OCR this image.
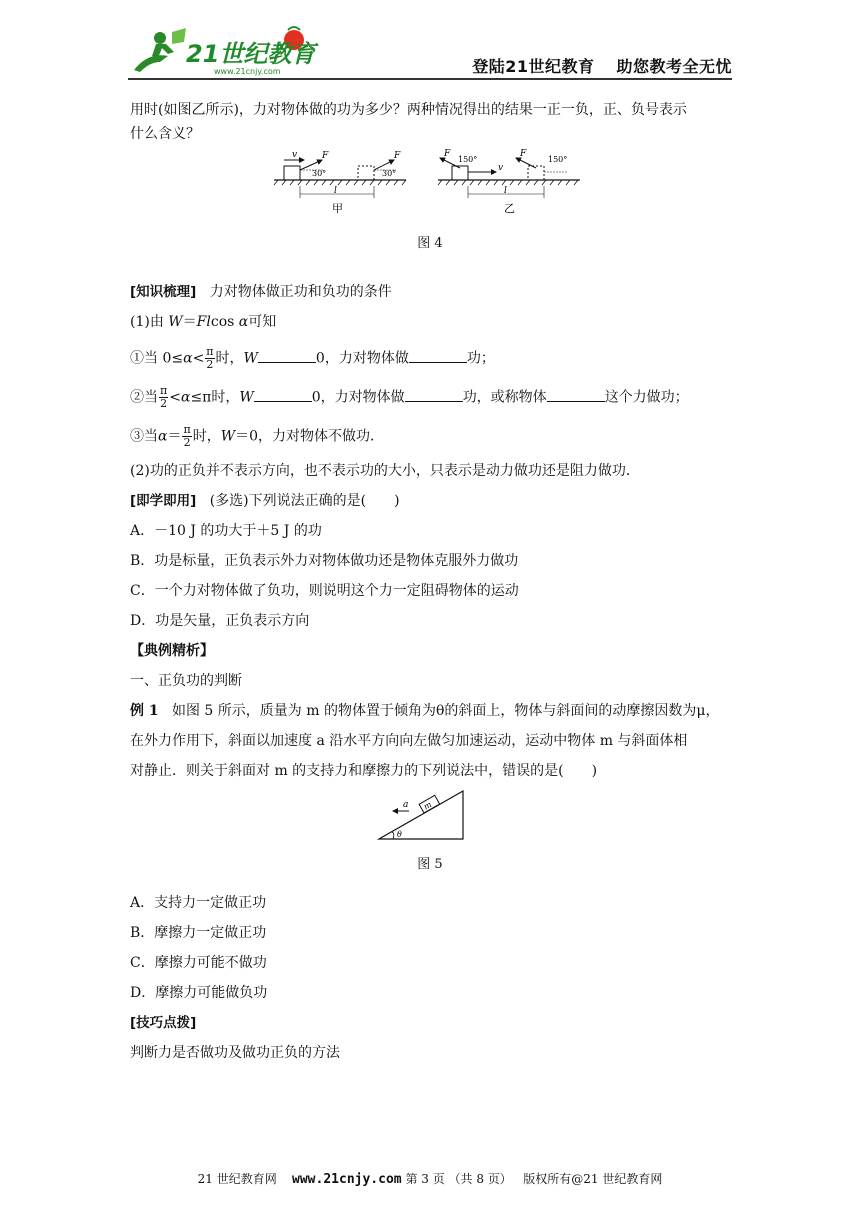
21世纪教育
www.21cnjy.com	登陆21世纪教育 助您教考全无忧

用时(如图乙所示)，力对物体做的功为多少？两种情况得出的结果一正一负，正、负号表示

什么含义？

v	F
30°
F
30°
l
甲
v
F
150°
F
150°
l
乙

图 4

[知识梳理] 力对物体做正功和负功的条件

(1)由 W＝Flcos α可知

①当 $0\le\alpha< \frac{\pi}{2}$ 时，W	0，力对物体做	功；

②当 $\frac{\pi}{2} <\alpha\le\pi$时，W	0，力对物体做	功，或称物体	这个力做功；

③当$\alpha= \frac{\pi}{2}$ 时，W＝0，力对物体不做功．

(2)功的正负并不表示方向，也不表示功的大小，只表示是动力做功还是阻力做功．

[即学即用] (多选)下列说法正确的是(　　)

A．－10 J 的功大于＋5 J 的功

B．功是标量，正负表示外力对物体做功还是物体克服外力做功

C．一个力对物体做了负功，则说明这个力一定阻碍物体的运动

D．功是矢量，正负表示方向

【典例精析】

一、正负功的判断

例 1 如图 5 所示，质量为 m 的物体置于倾角为θ的斜面上，物体与斜面间的动摩擦因数为μ，

在外力作用下，斜面以加速度 a 沿水平方向向左做匀加速运动，运动中物体 m 与斜面体相

对静止．则关于斜面对 m 的支持力和摩擦力的下列说法中，错误的是(　　)

m
a
θ

图 5

A．支持力一定做正功

B．摩擦力一定做正功

C．摩擦力可能不做功

D．摩擦力可能做负功

[技巧点拨]

判断力是否做功及做功正负的方法

21 世纪教育网 www.21cnjy.com 第 3 页 （共 8 页） 版权所有@21 世纪教育网
